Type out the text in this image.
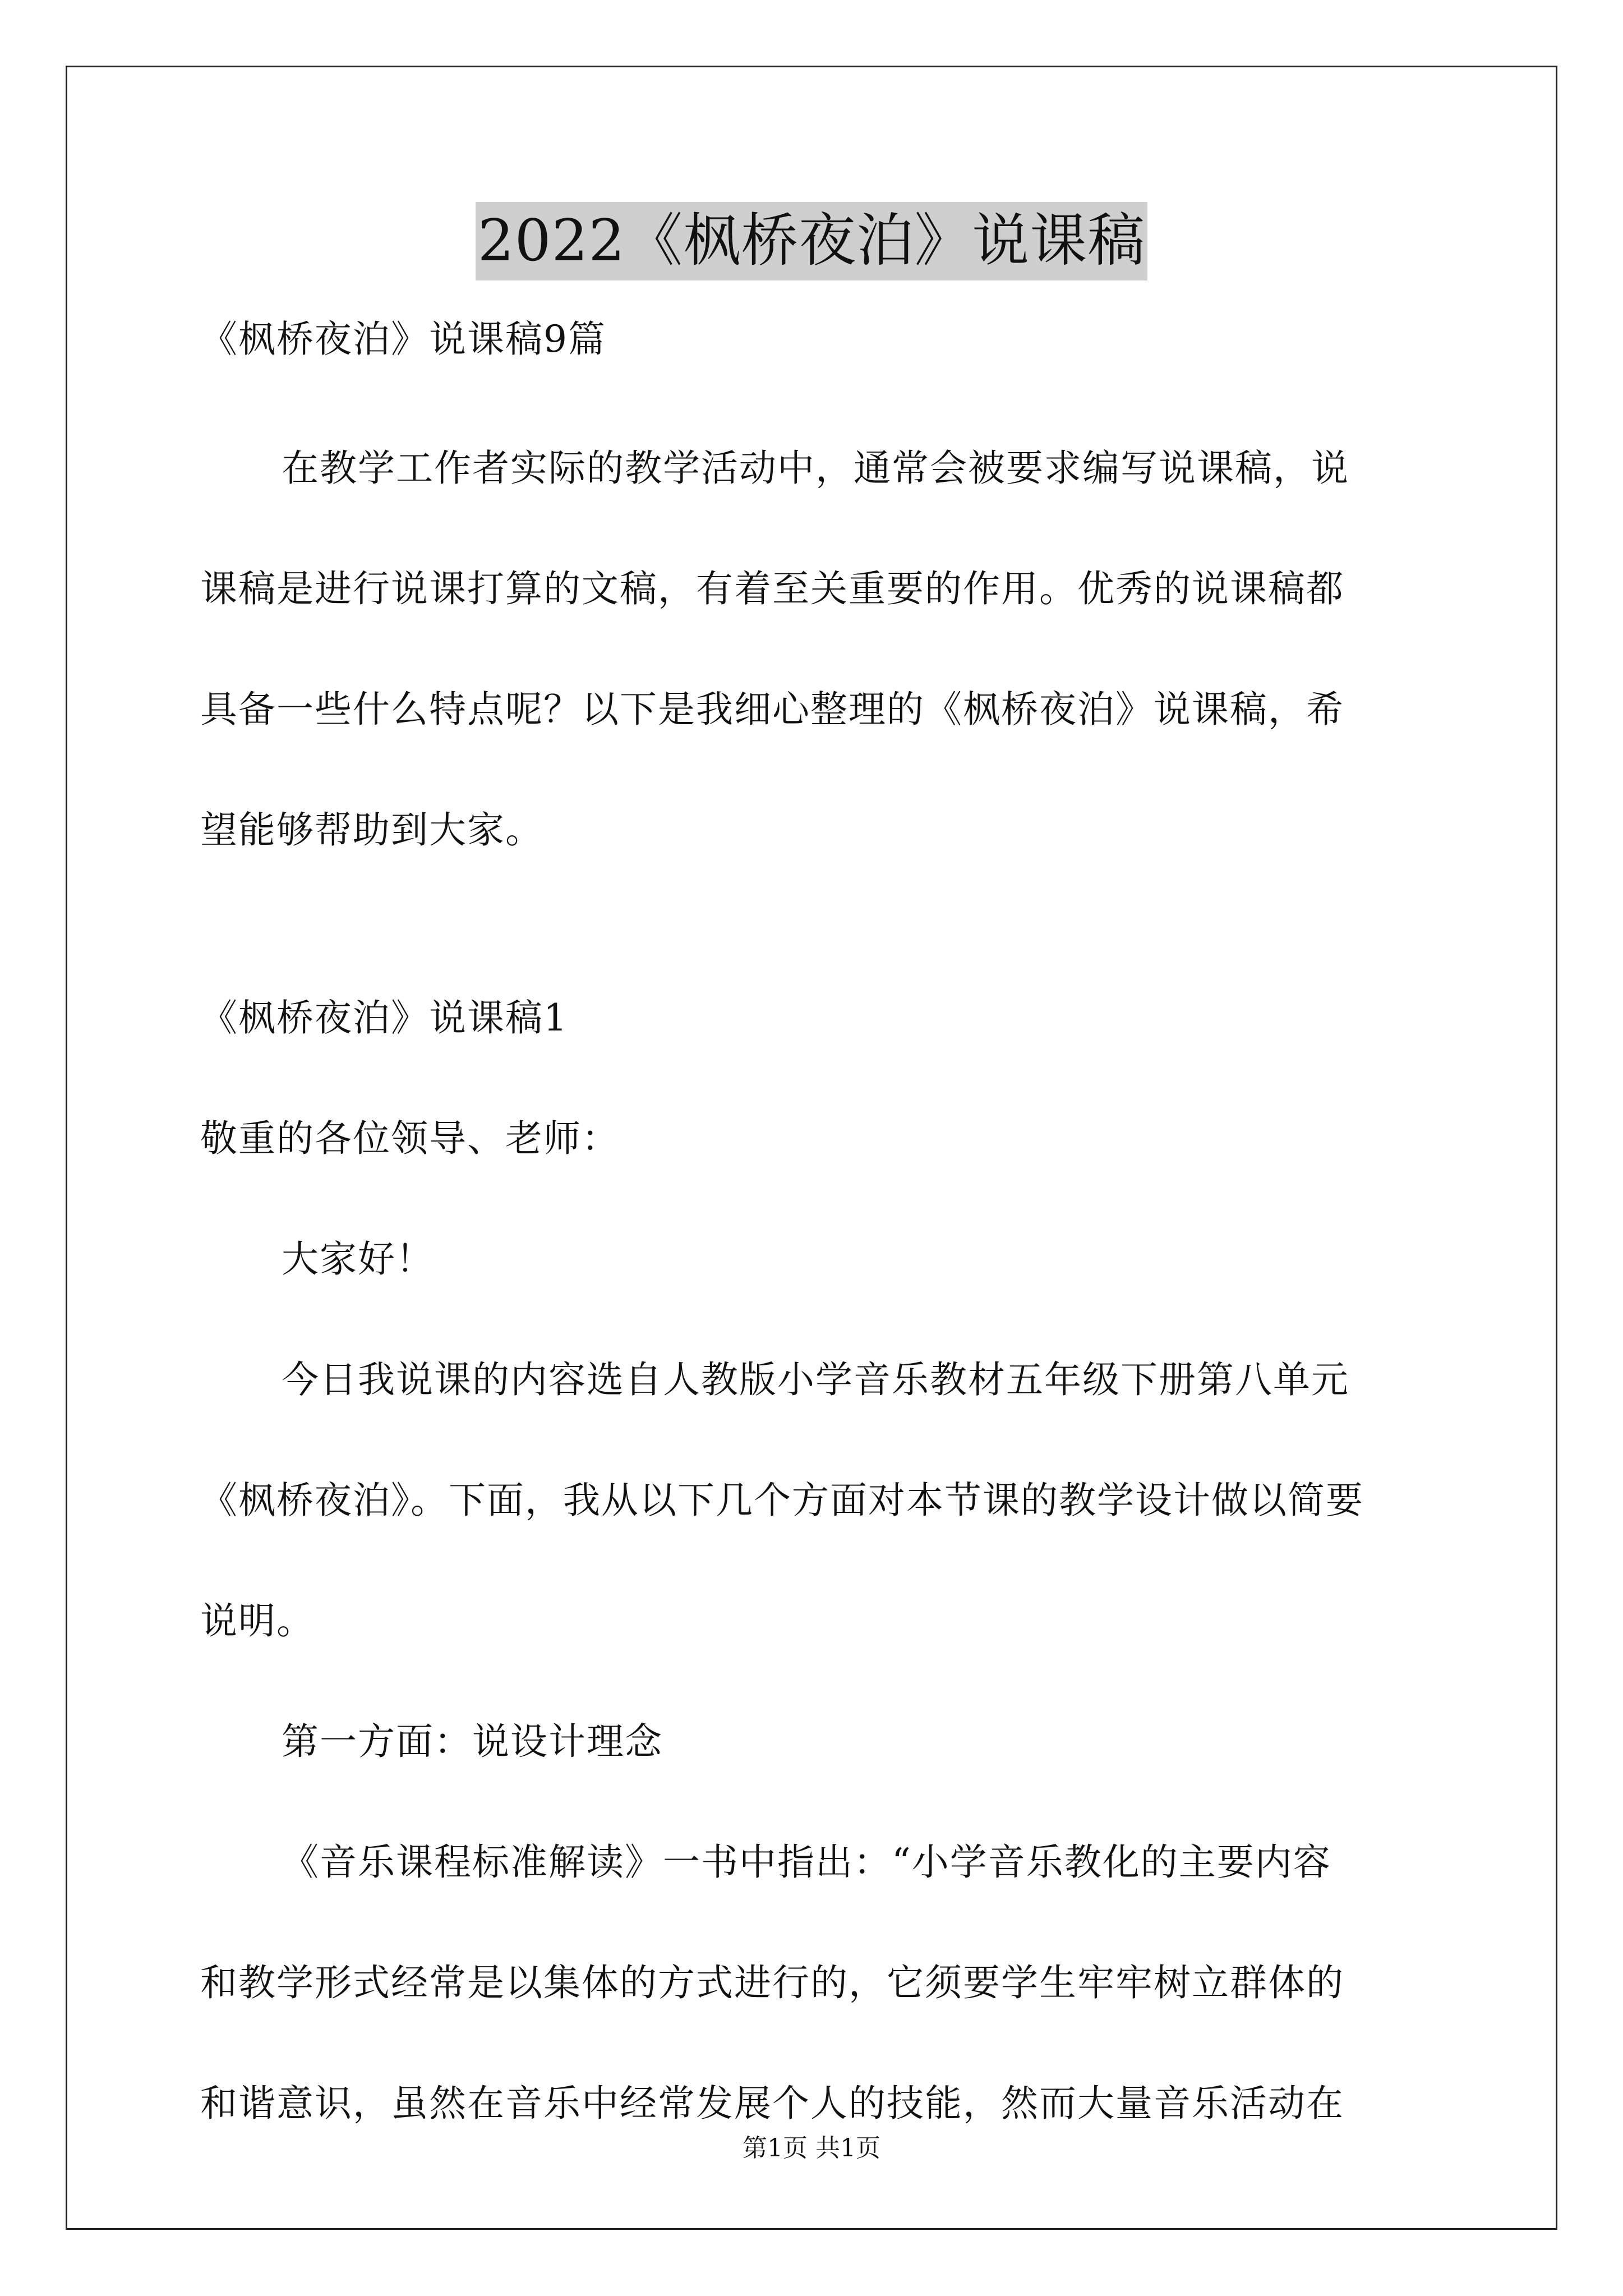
2022《枫桥夜泊》说课稿
《枫桥夜泊》说课稿9篇
在教学工作者实际的教学活动中，通常会被要求编写说课稿，说
课稿是进行说课打算的文稿，有着至关重要的作用。优秀的说课稿都
具备一些什么特点呢？以下是我细心整理的《枫桥夜泊》说课稿，希
望能够帮助到大家。
《枫桥夜泊》说课稿1
敬重的各位领导、老师：
大家好！
今日我说课的内容选自人教版小学音乐教材五年级下册第八单元
《枫桥夜泊》。下面，我从以下几个方面对本节课的教学设计做以简要
说明。
第一方面：说设计理念
《音乐课程标准解读》一书中指出：“小学音乐教化的主要内容
和教学形式经常是以集体的方式进行的，它须要学生牢牢树立群体的
和谐意识，虽然在音乐中经常发展个人的技能，然而大量音乐活动在
第1页 共1页
